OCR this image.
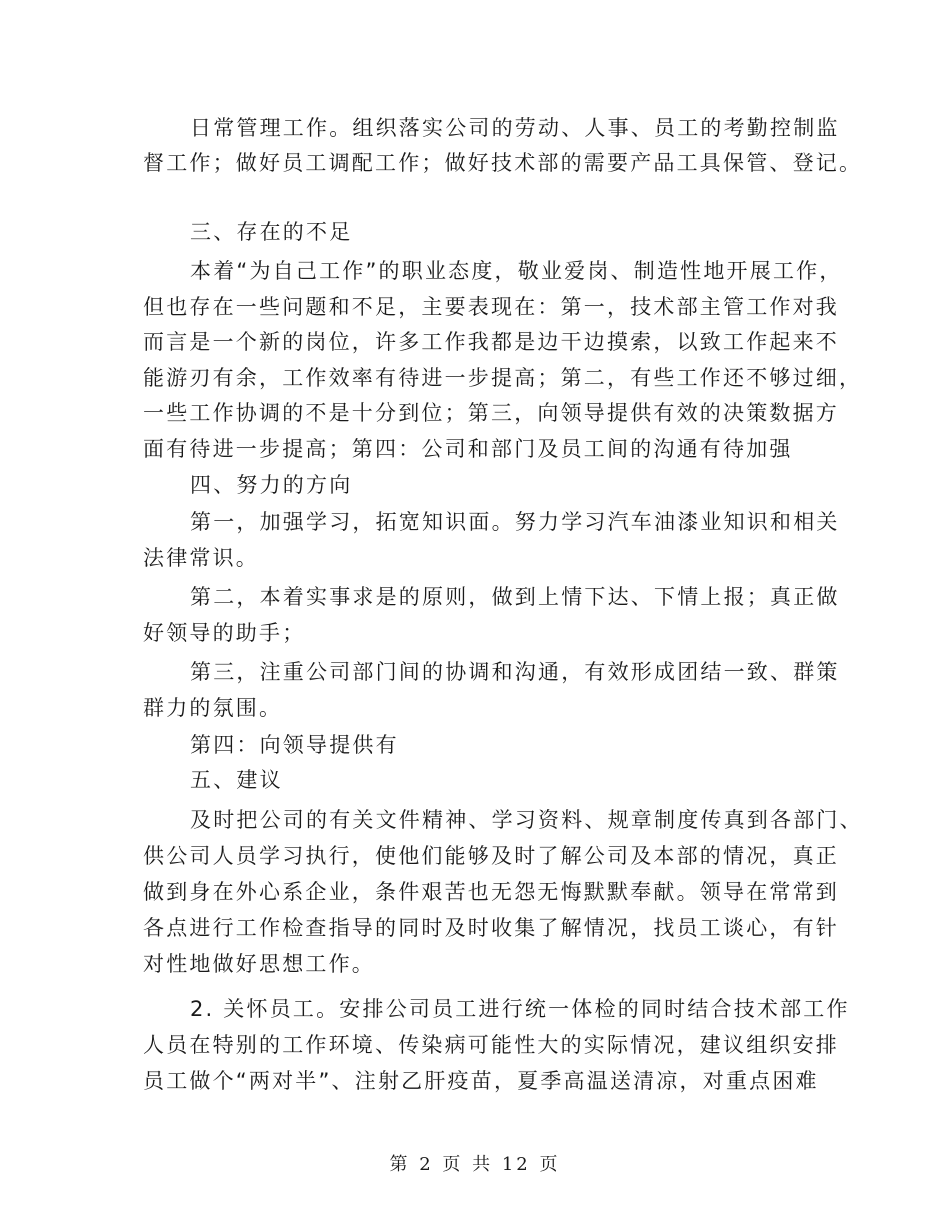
日常管理工作。组织落实公司的劳动、人事、员工的考勤控制监
督工作；做好员工调配工作；做好技术部的需要产品工具保管、登记。
三、存在的不足
本着“为自己工作”的职业态度，敬业爱岗、制造性地开展工作，
但也存在一些问题和不足，主要表现在：第一，技术部主管工作对我
而言是一个新的岗位，许多工作我都是边干边摸索，以致工作起来不
能游刃有余，工作效率有待进一步提高；第二，有些工作还不够过细，
一些工作协调的不是十分到位；第三，向领导提供有效的决策数据方
面有待进一步提高；第四：公司和部门及员工间的沟通有待加强
四、努力的方向
第一，加强学习，拓宽知识面。努力学习汽车油漆业知识和相关
法律常识。
第二，本着实事求是的原则，做到上情下达、下情上报；真正做
好领导的助手；
第三，注重公司部门间的协调和沟通，有效形成团结一致、群策
群力的氛围。
第四：向领导提供有
五、建议
及时把公司的有关文件精神、学习资料、规章制度传真到各部门、
供公司人员学习执行，使他们能够及时了解公司及本部的情况，真正
做到身在外心系企业，条件艰苦也无怨无悔默默奉献。领导在常常到
各点进行工作检查指导的同时及时收集了解情况，找员工谈心，有针
对性地做好思想工作。
2. 关怀员工。安排公司员工进行统一体检的同时结合技术部工作
人员在特别的工作环境、传染病可能性大的实际情况，建议组织安排
员工做个“两对半”、注射乙肝疫苗，夏季高温送清凉，对重点困难
第 2 页 共 12 页
